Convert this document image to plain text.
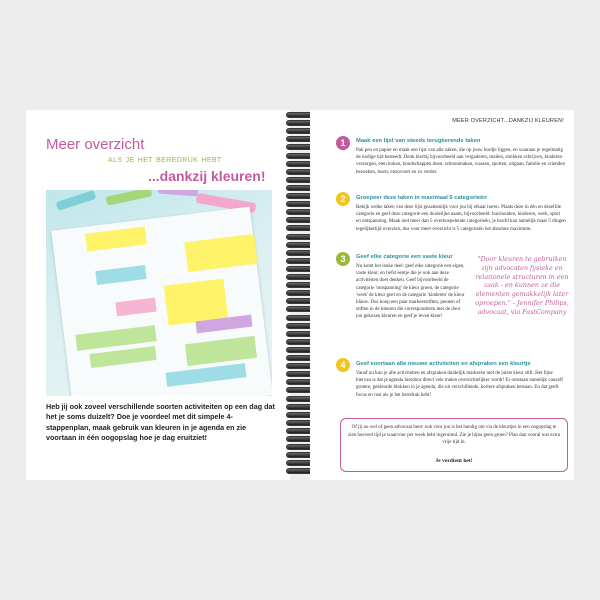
Meer overzicht
als je het beredruk hebt
...dankzij kleuren!
Heb jij ook zoveel verschillende soorten activiteiten op een dag dat het je soms duizelt? Doe je voordeel met dit simpele 4-stappenplan, maak gebruik van kleuren in je agenda en zie voortaan in één oogopslag hoe je dag eruitziet!
MEER OVERZICHT...DANKZIJ KLEUREN!
1	Maak een lijst van steeds terugkerende taken
Pak pen en papier en maak een lijst van alle zaken, die op jouw bordje liggen, en waaraan je regelmatig de nodige tijd besteedt. Denk hierbij bijvoorbeeld aan vergaderen, mailen, smikken schrijven, kinderen verzorgen, eten koken, boodschappen doen, schoonmaken, wassen, sporten, uitgaan, familie en vrienden bezoeken, lezen, enzovoort en zo verder.
2	Groepeer deze taken in maximaal 5 categorieën
Bekijk welke taken van deze lijst gezamenlijk voor jou bij elkaar horen. Plaats deze in één en dezelfde categorie en geef deze categorie een duidelijke naam, bijvoorbeeld: huishouden, kinderen, werk, sport en ontspanning. Maak niet meer dan 5 overkoepelende categorieën, je hoofd kan namelijk maar 5 dingen tegelijkertijd overzien, dus voor meer overzicht is 5 categorieën het absolute maximum.
3	Geef elke categorie een vaste kleur
Nu komt het leuke deel: geef elke categorie een eigen, vaste kleur, en liefst eentje die je ook aan deze activiteiten doet denken. Geef bijvoorbeeld de categorie 'ontspanning' de kleur groen, de categorie 'werk' de kleur geel en de categorie 'kinderen' de kleur blauw. Dus koop een paar markeerstiften, pennen of stiften in de kleuren die corresponderen met de door jou gekozen kleuren en geef je leven kleur!
"Door kleuren te gebruiken zijn advocaten fysieke en relationele structuren in een zaak - en kunnen ze die elementen gemakkelijk later oproepen." - Jennifer Philips, advocaat, via FastCompany
4	Geef voortaan alle nieuwe activiteiten en afspraken een kleurtje
Vanaf nu kun je alle activiteiten en afspraken duidelijk markeren met de juiste kleur stift. Het fijne hiervan is dat je agenda hierdoor direct vele malen overzichtelijker wordt! Er ontstaan namelijk vanzelf grotere, gekleurde blokken in je agenda, die uit verschillende, kortere afspraken bestaan. En dat geeft focus en rust als je het beredruk hebt!
Of jij nu wel of geen advocaat bent: ook voor jou is het handig om via de kleurtjes in een oogopslag te zien hoeveel tijd je waarvoor per week hebt ingeruimd. Zie je bijna geen groen? Plan dan vooral wat extra vrije tijd in.
Je verdient het!
